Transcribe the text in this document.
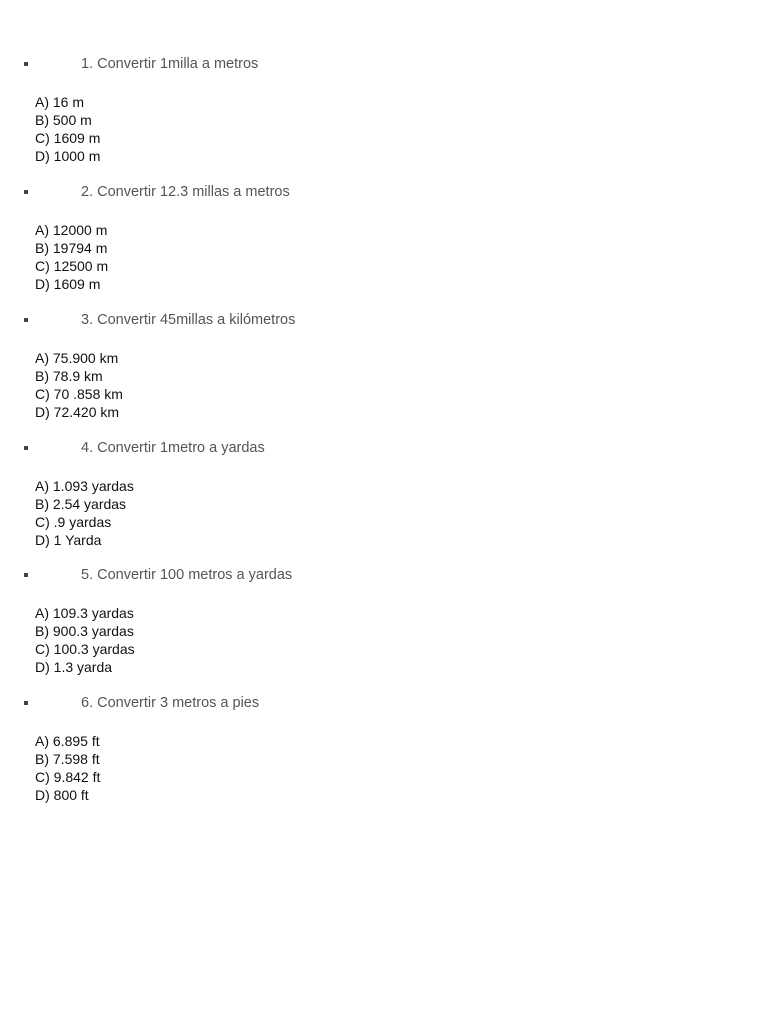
1. Convertir 1milla a metros
A) 16 m
B) 500 m
C) 1609 m
D) 1000 m
2. Convertir 12.3 millas a metros
A) 12000 m
B) 19794 m
C) 12500 m
D) 1609 m
3. Convertir 45millas a kilómetros
A) 75.900 km
B) 78.9 km
C) 70 .858 km
D) 72.420 km
4. Convertir 1metro a yardas
A) 1.093 yardas
B) 2.54 yardas
C) .9 yardas
D) 1 Yarda
5. Convertir 100 metros a yardas
A) 109.3 yardas
B) 900.3 yardas
C) 100.3 yardas
D) 1.3 yarda
6. Convertir 3 metros a pies
A) 6.895 ft
B) 7.598 ft
C) 9.842 ft
D) 800 ft
